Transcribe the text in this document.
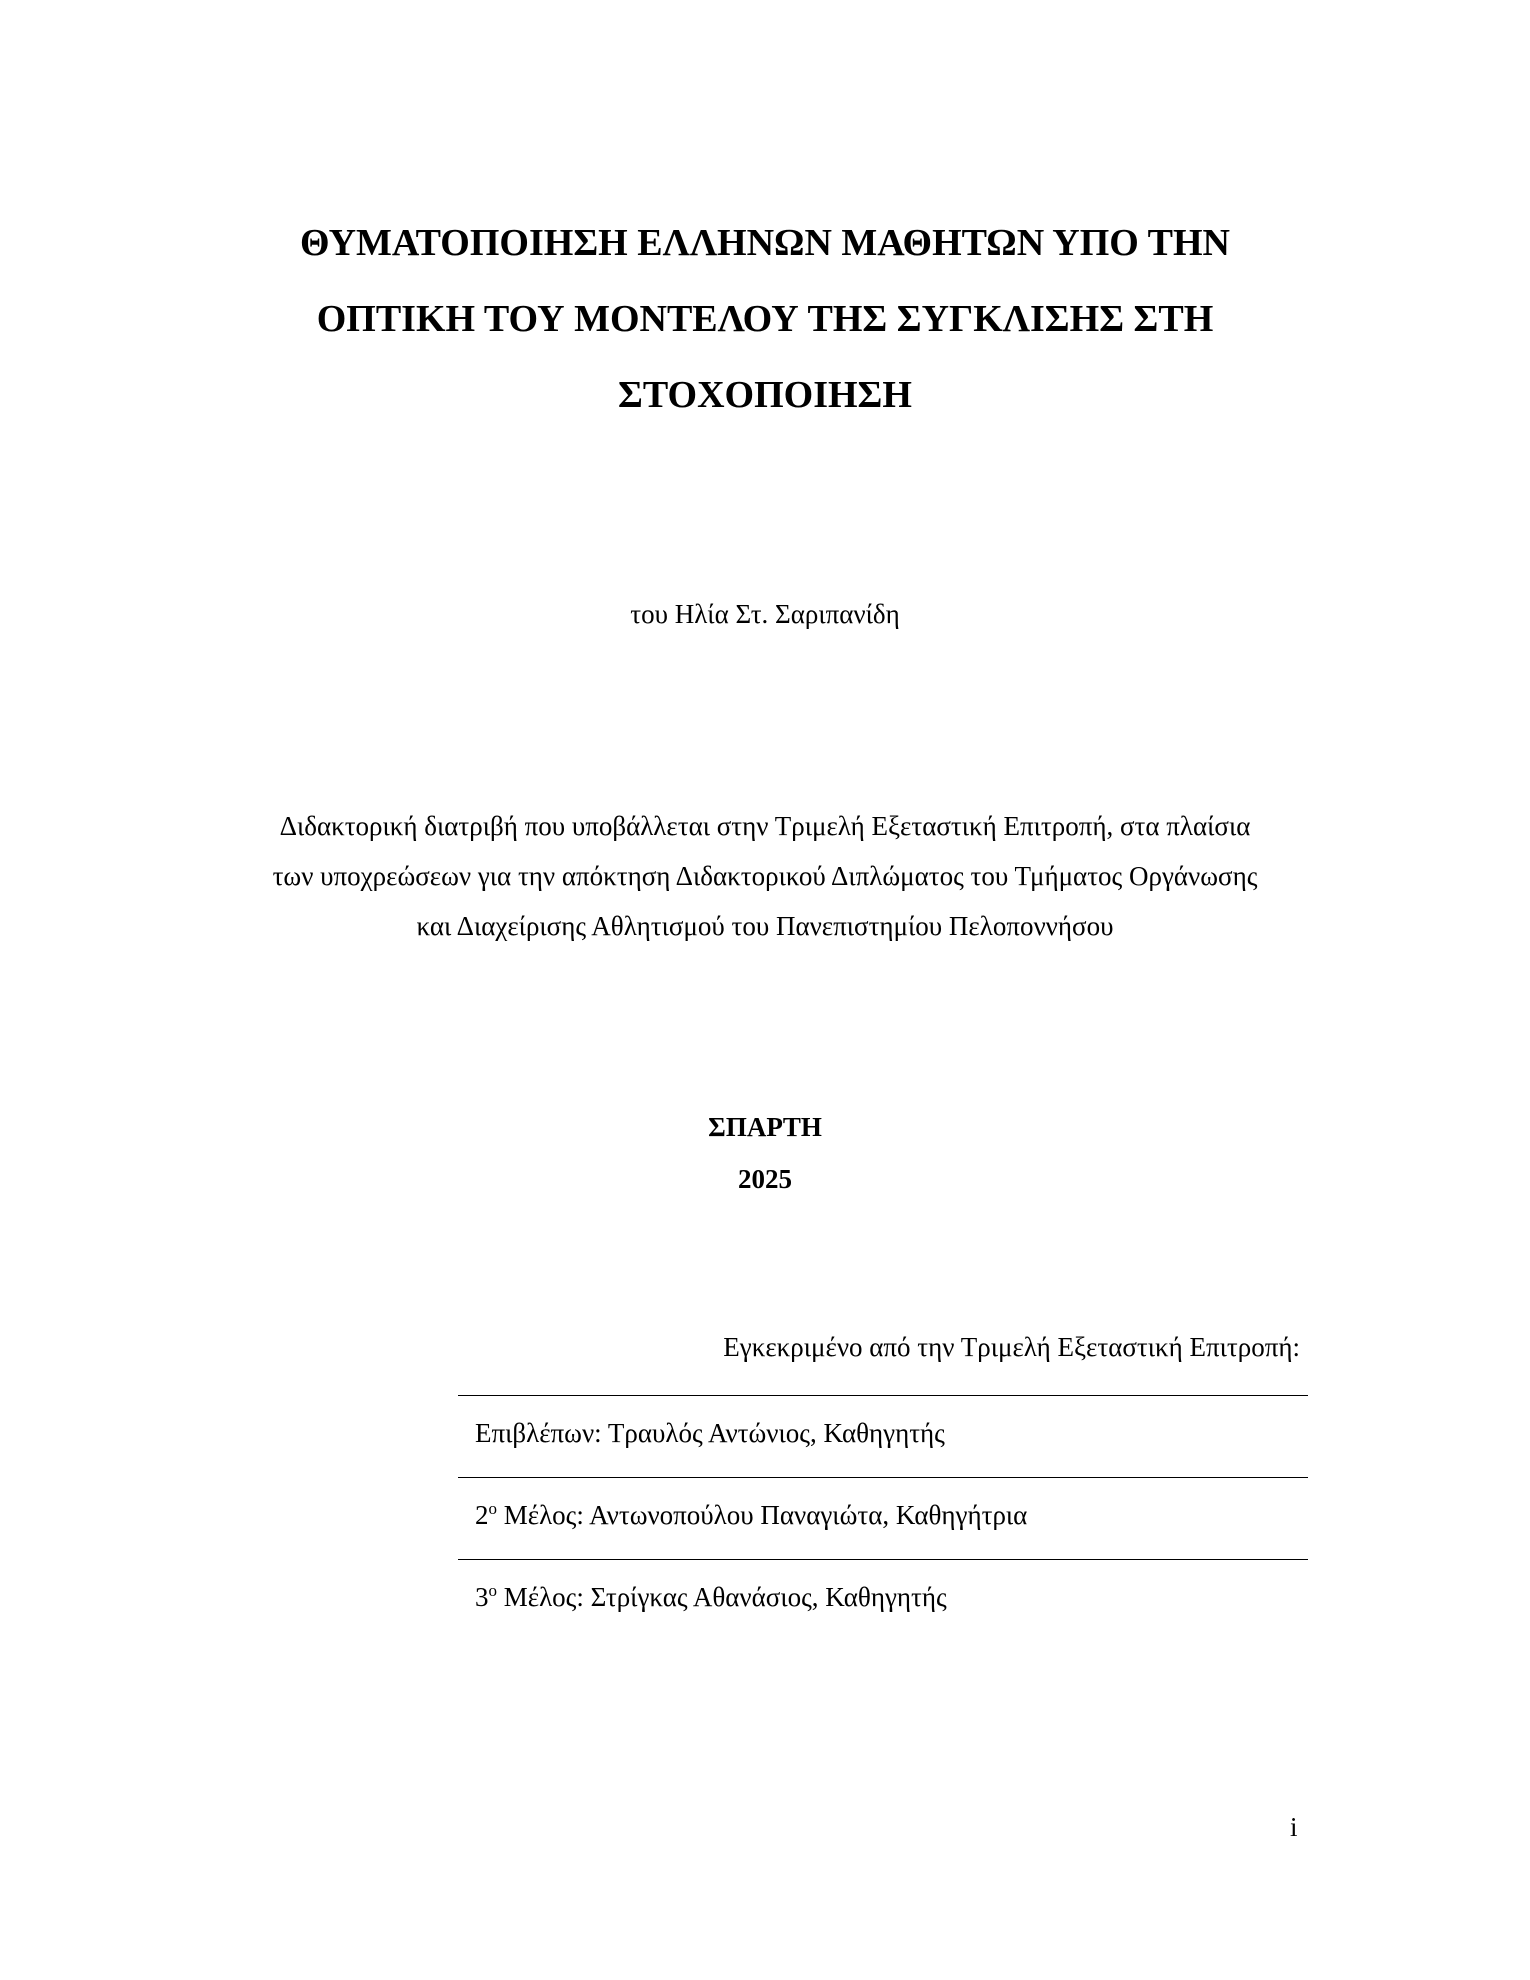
ΘΥΜΑΤΟΠΟΙΗΣΗ ΕΛΛΗΝΩΝ ΜΑΘΗΤΩΝ ΥΠΟ ΤΗΝ
ΟΠΤΙΚΗ ΤΟΥ ΜΟΝΤΕΛΟΥ ΤΗΣ ΣΥΓΚΛΙΣΗΣ ΣΤΗ
ΣΤΟΧΟΠΟΙΗΣΗ
του Ηλία Στ. Σαριπανίδη
Διδακτορική διατριβή που υποβάλλεται στην Τριμελή Εξεταστική Επιτροπή, στα πλαίσια
των υποχρεώσεων για την απόκτηση Διδακτορικού Διπλώματος του Τμήματος Οργάνωσης
και Διαχείρισης Αθλητισμού του Πανεπιστημίου Πελοποννήσου
ΣΠΑΡΤΗ
2025
Εγκεκριμένο από την Τριμελή Εξεταστική Επιτροπή:
Επιβλέπων: Τραυλός Αντώνιος, Καθηγητής
$2^o$ Μέλος: Αντωνοπούλου Παναγιώτα, Καθηγήτρια
$3^o$ Μέλος: Στρίγκας Αθανάσιος, Καθηγητής
i
